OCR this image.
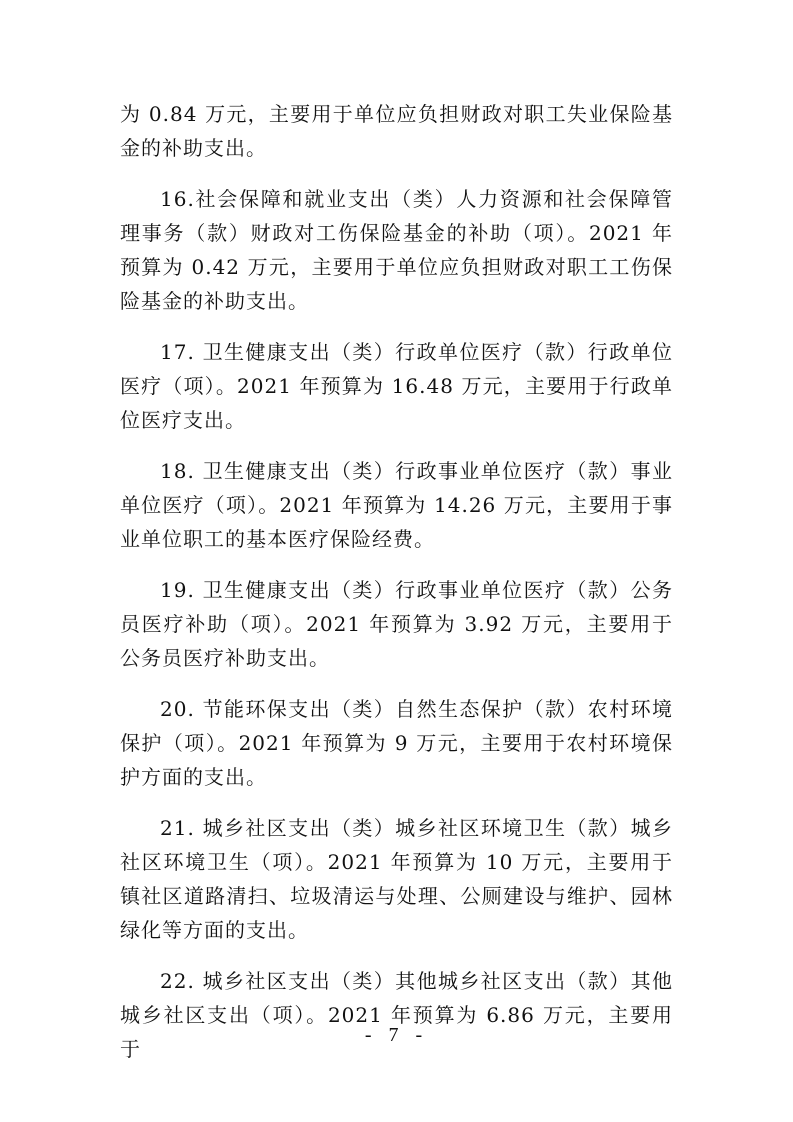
为 0.84 万元，主要用于单位应负担财政对职工失业保险基金的补助支出。

16.社会保障和就业支出（类）人力资源和社会保障管理事务（款）财政对工伤保险基金的补助（项）。2021 年预算为 0.42 万元，主要用于单位应负担财政对职工工伤保险基金的补助支出。

17. 卫生健康支出（类）行政单位医疗（款）行政单位医疗（项）。2021 年预算为 16.48 万元，主要用于行政单位医疗支出。

18. 卫生健康支出（类）行政事业单位医疗（款）事业单位医疗（项）。2021 年预算为 14.26 万元，主要用于事业单位职工的基本医疗保险经费。

19. 卫生健康支出（类）行政事业单位医疗（款）公务员医疗补助（项）。2021 年预算为 3.92 万元，主要用于公务员医疗补助支出。

20. 节能环保支出（类）自然生态保护（款）农村环境保护（项）。2021 年预算为 9 万元，主要用于农村环境保护方面的支出。

21. 城乡社区支出（类）城乡社区环境卫生（款）城乡社区环境卫生（项）。2021 年预算为 10 万元，主要用于镇社区道路清扫、垃圾清运与处理、公厕建设与维护、园林绿化等方面的支出。

22. 城乡社区支出（类）其他城乡社区支出（款）其他城乡社区支出（项）。2021 年预算为 6.86 万元，主要用于

- 7 -
